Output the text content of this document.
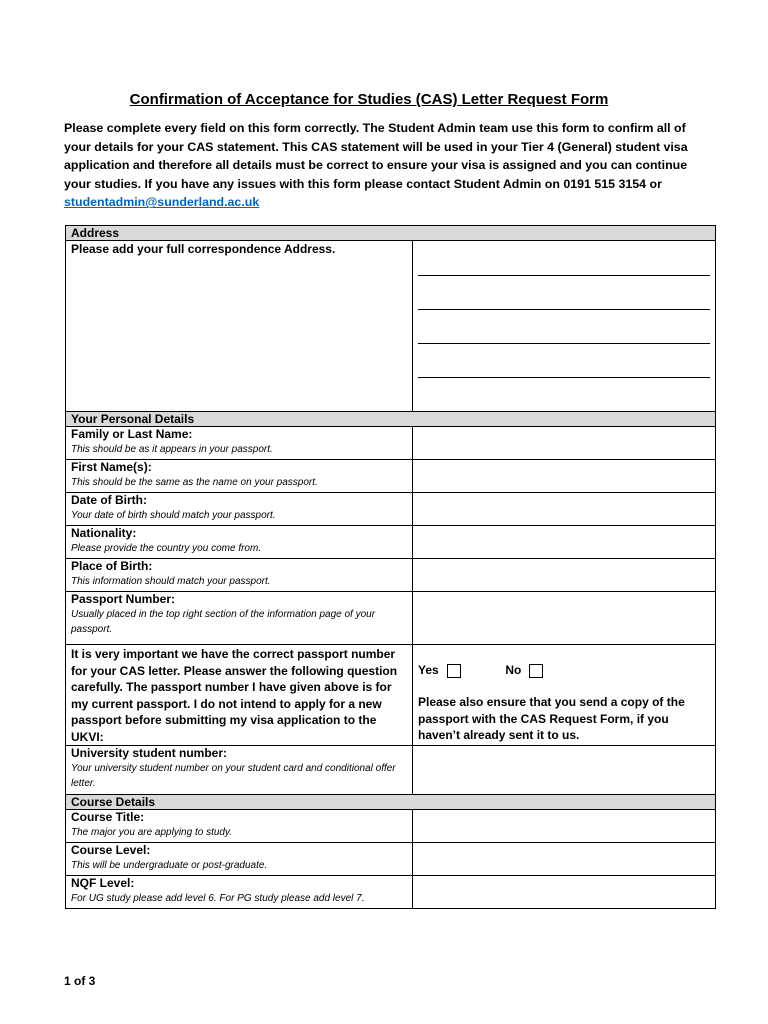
Confirmation of Acceptance for Studies (CAS) Letter Request Form
Please complete every field on this form correctly. The Student Admin team use this form to confirm all of your details for your CAS statement. This CAS statement will be used in your Tier 4 (General) student visa application and therefore all details must be correct to ensure your visa is assigned and you can continue your studies. If you have any issues with this form please contact Student Admin on 0191 515 3154 or
studentadmin@sunderland.ac.uk
Address

Please add your full correspondence Address.

Your Personal Details

Family or Last Name:
This should be as it appears in your passport.

First Name(s):
This should be the same as the name on your passport.

Date of Birth:
Your date of birth should match your passport.

Nationality:
Please provide the country you come from.

Place of Birth:
This information should match your passport.

Passport Number:
Usually placed in the top right section of the information page of your passport.

It is very important we have the correct passport number for your CAS letter. Please answer the following question carefully. The passport number I have given above is for my current passport. I do not intend to apply for a new passport before submitting my visa application to the UKVI:

Yes	No
Please also ensure that you send a copy of the passport with the CAS Request Form, if you haven’t already sent it to us.

University student number:
Your university student number on your student card and conditional offer letter.

Course Details

Course Title:
The major you are applying to study.

Course Level:
This will be undergraduate or post-graduate.

NQF Level:
For UG study please add level 6. For PG study please add level 7.

1 of 3
